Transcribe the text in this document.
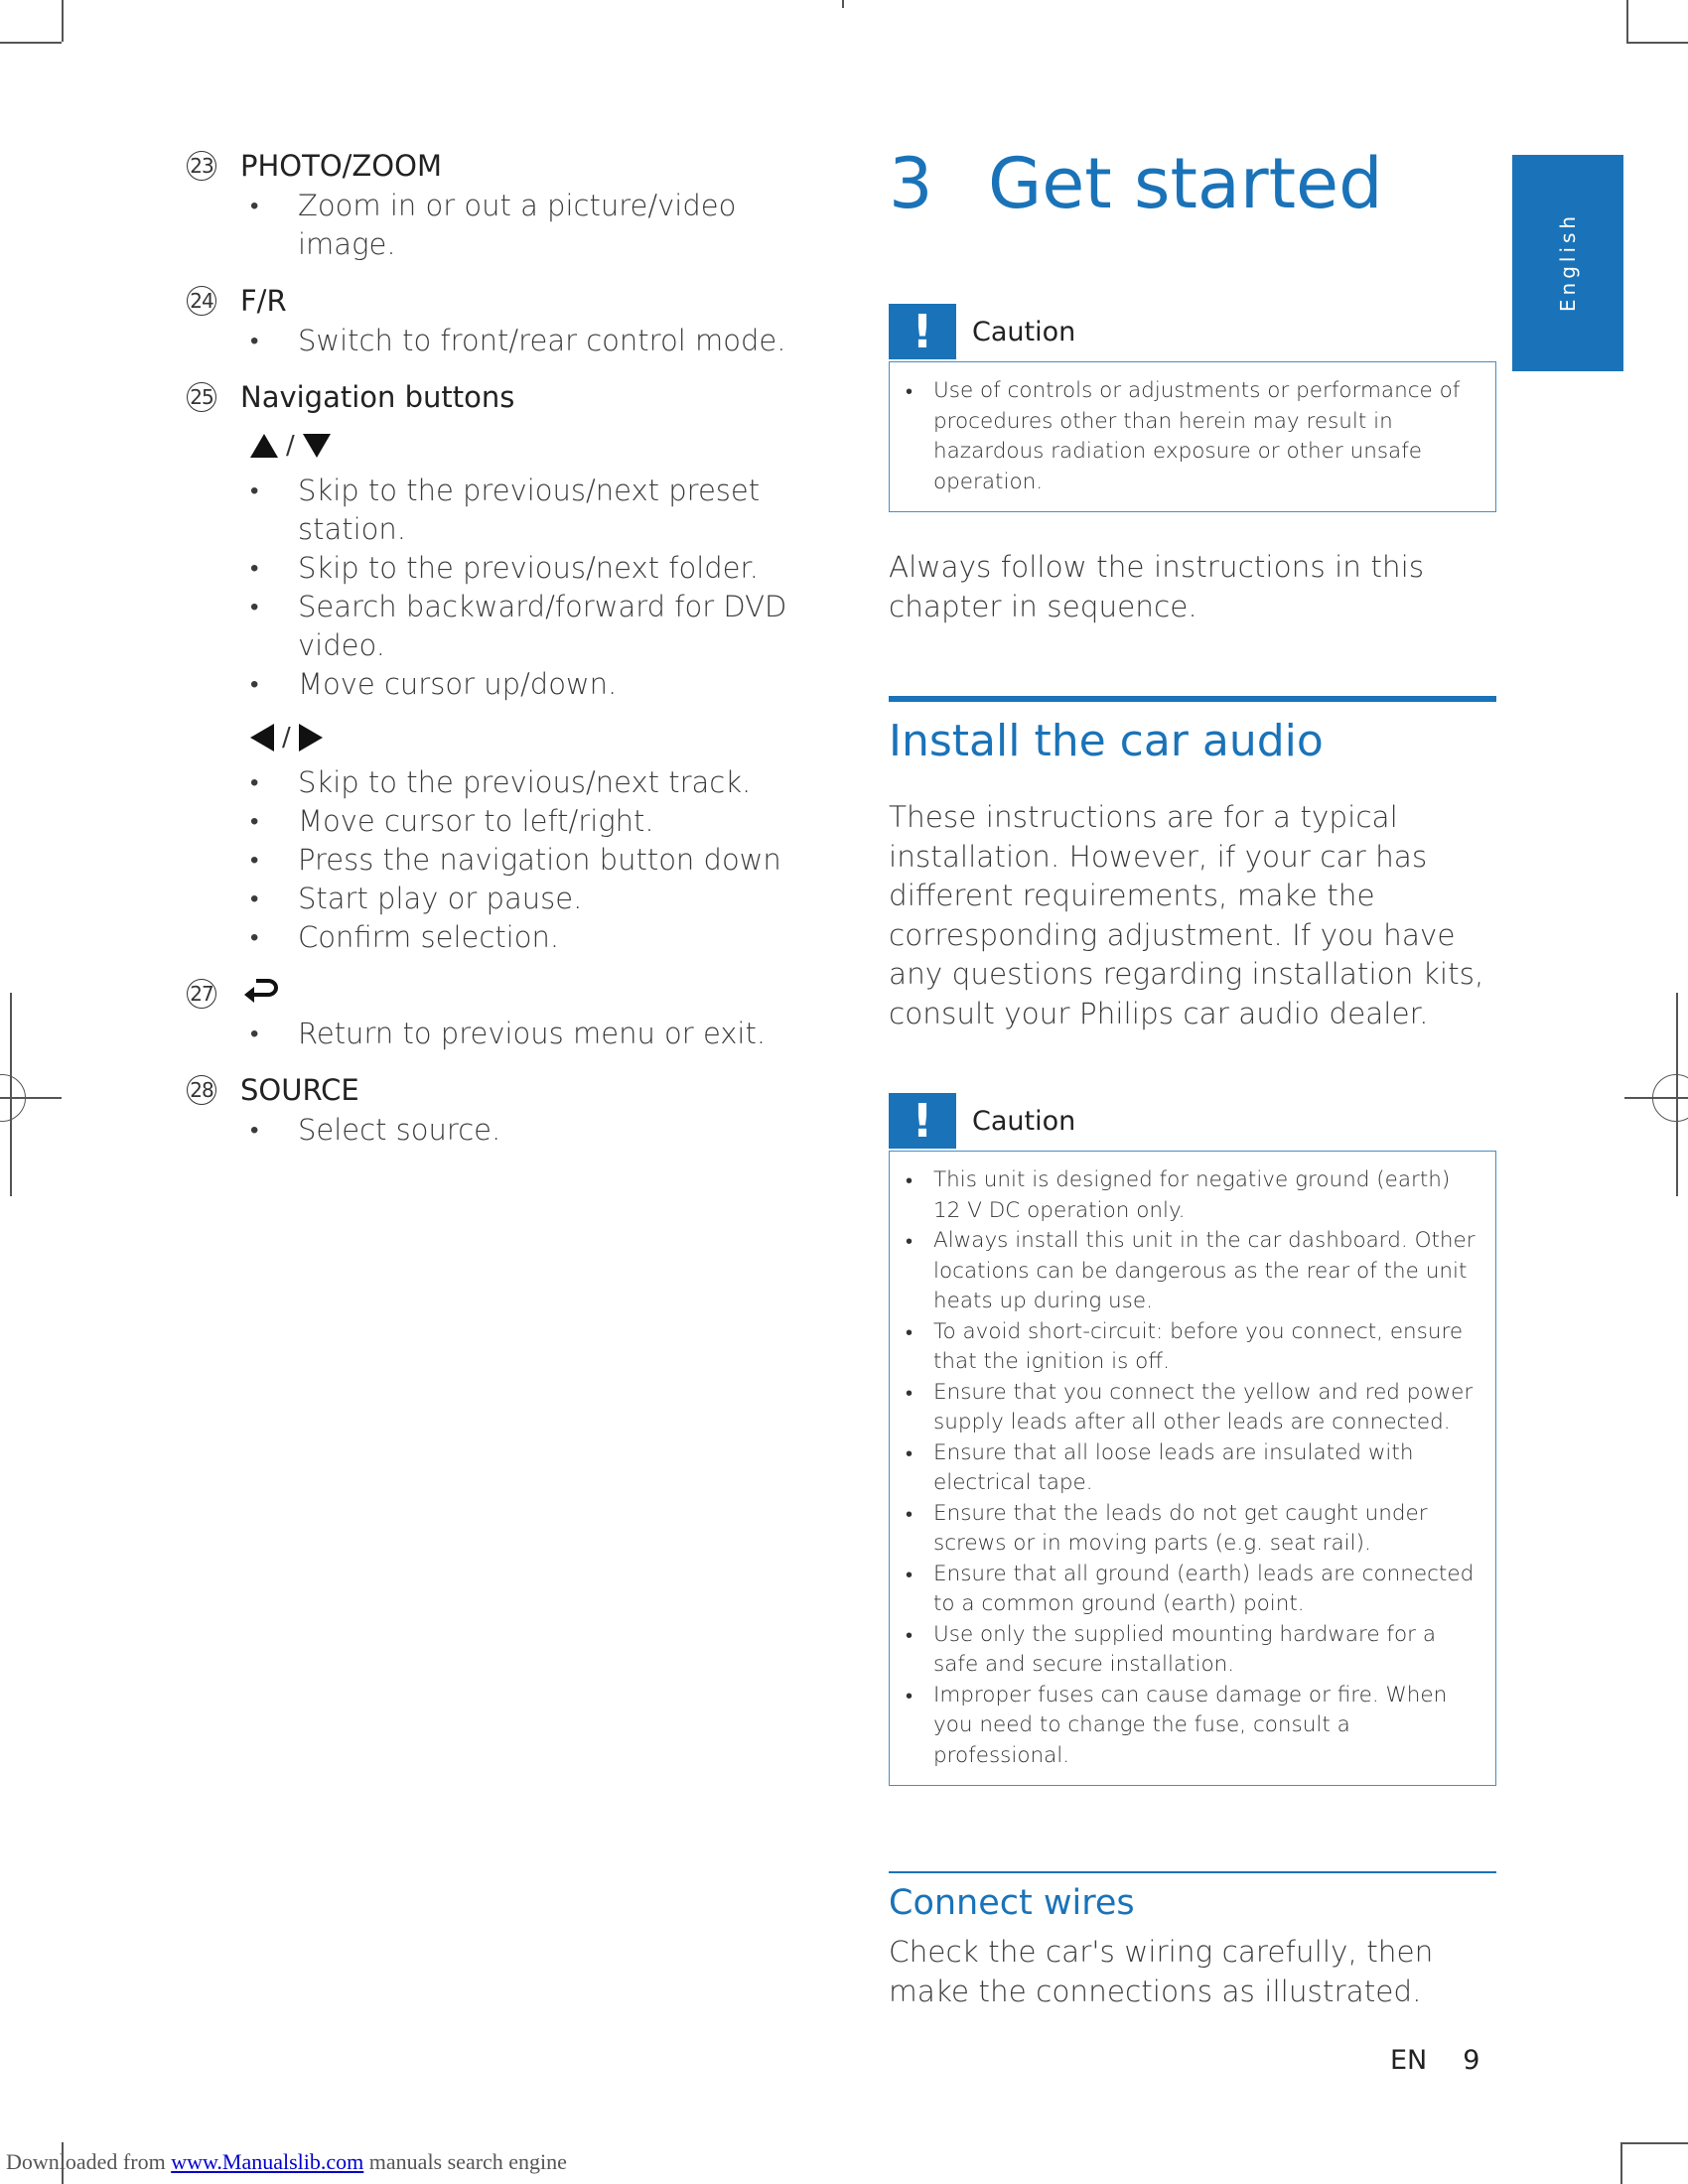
23 PHOTO/ZOOM
• Zoom in or out a picture/video image.
24 F/R
• Switch to front/rear control mode.
25 Navigation buttons
/
• Skip to the previous/next preset station.
• Skip to the previous/next folder.
• Search backward/forward for DVD video.
• Move cursor up/down.
/
• Skip to the previous/next track.
• Move cursor to left/right.
• Press the navigation button down
• Start play or pause.
• Confirm selection.
27
• Return to previous menu or exit.
28 SOURCE
• Select source.
3 Get started
!	Caution
• Use of controls or adjustments or performance of procedures other than herein may result in hazardous radiation exposure or other unsafe operation.

Always follow the instructions in this chapter in sequence.

Install the car audio

These instructions are for a typical installation. However, if your car has different requirements, make the corresponding adjustment. If you have any questions regarding installation kits, consult your Philips car audio dealer.

!	Caution
• This unit is designed for negative ground (earth) 12 V DC operation only.
• Always install this unit in the car dashboard. Other locations can be dangerous as the rear of the unit heats up during use.
• To avoid short-circuit: before you connect, ensure that the ignition is off.
• Ensure that you connect the yellow and red power supply leads after all other leads are connected.
• Ensure that all loose leads are insulated with electrical tape.
• Ensure that the leads do not get caught under screws or in moving parts (e.g. seat rail).
• Ensure that all ground (earth) leads are connected to a common ground (earth) point.
• Use only the supplied mounting hardware for a safe and secure installation.
• Improper fuses can cause damage or fire. When you need to change the fuse, consult a professional.
Connect wires

Check the car's wiring carefully, then make the connections as illustrated.

English
EN 9
Downloaded from www.Manualslib.com manuals search engine
